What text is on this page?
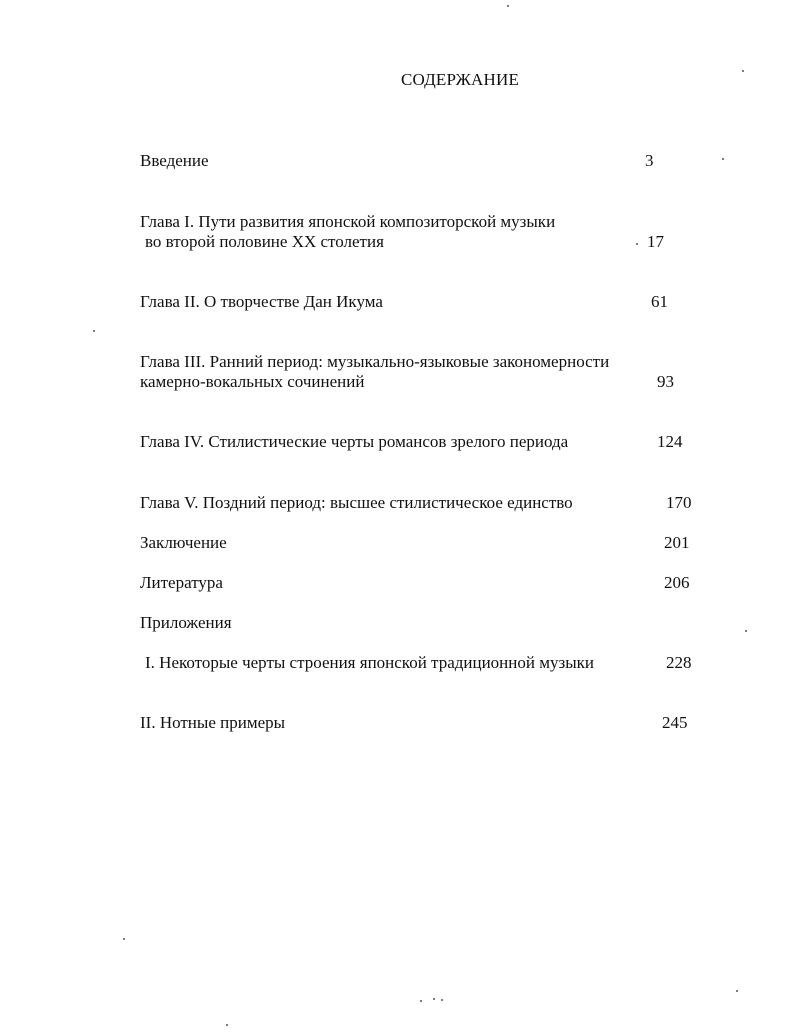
СОДЕРЖАНИЕ
Введение	3
Глава I. Пути развития японской композиторской музыки
во второй половине XX столетия	17
Глава II. О творчестве Дан Икума	61
Глава III. Ранний период: музыкально-языковые закономерности
камерно-вокальных сочинений	93
Глава IV. Стилистические черты романсов зрелого периода	124
Глава V. Поздний период: высшее стилистическое единство	170
Заключение	201
Литература	206
Приложения
I. Некоторые черты строения японской традиционной музыки	228
II. Нотные примеры	245
